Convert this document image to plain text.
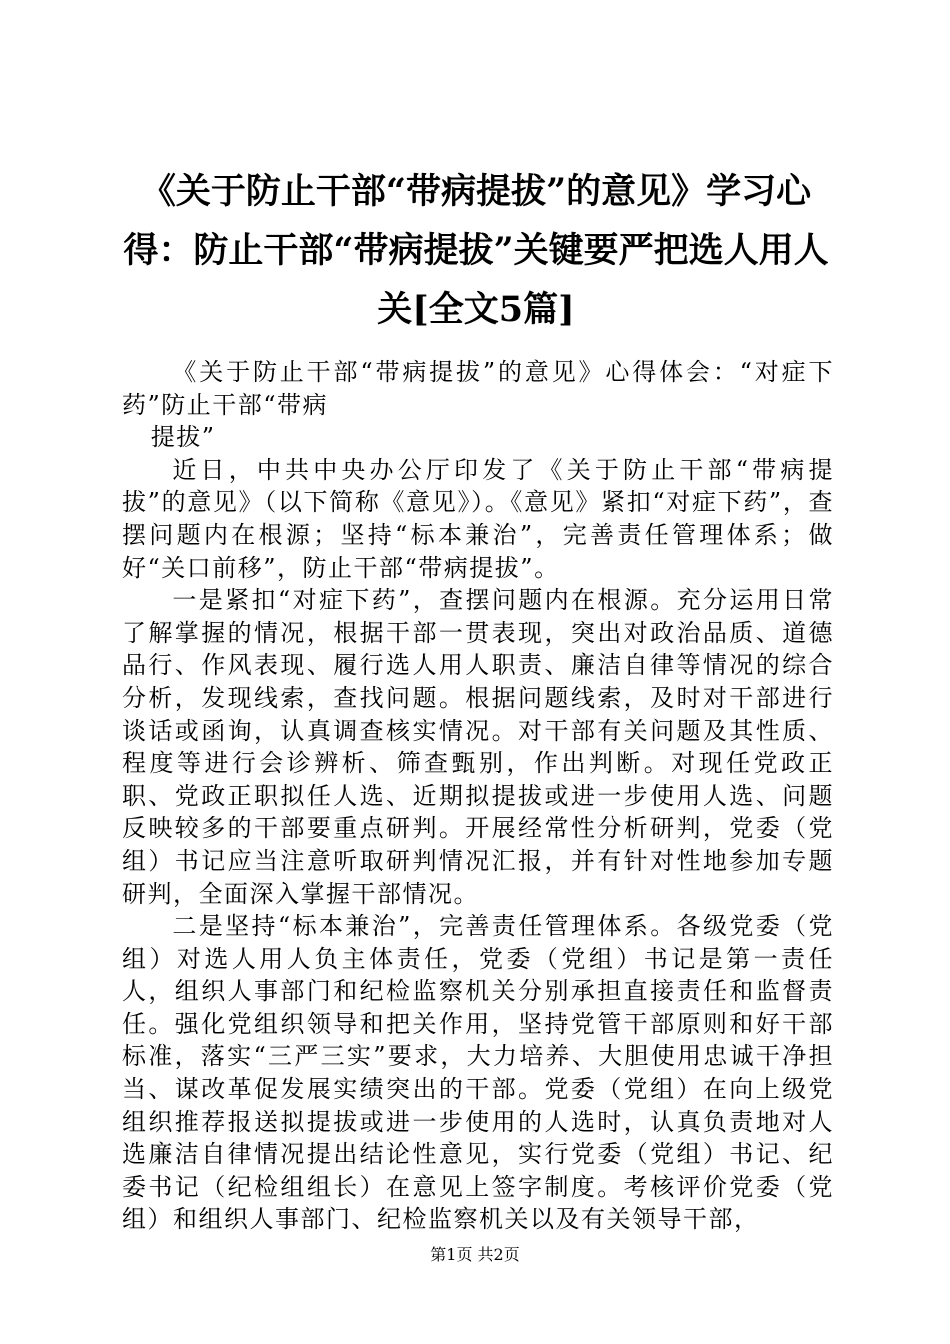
《关于防止干部“带病提拔”的意见》学习心得：防止干部“带病提拔”关键要严把选人用人关[全文5篇]

《关于防止干部“带病提拔”的意见》心得体会：“对症下药”防止干部“带病

提拔”

近日，中共中央办公厅印发了《关于防止干部“带病提拔”的意见》（以下简称《意见》）。《意见》紧扣“对症下药”，查摆问题内在根源；坚持“标本兼治”，完善责任管理体系；做好“关口前移”，防止干部“带病提拔”。

一是紧扣“对症下药”，查摆问题内在根源。充分运用日常了解掌握的情况，根据干部一贯表现，突出对政治品质、道德品行、作风表现、履行选人用人职责、廉洁自律等情况的综合分析，发现线索，查找问题。根据问题线索，及时对干部进行谈话或函询，认真调查核实情况。对干部有关问题及其性质、程度等进行会诊辨析、筛查甄别，作出判断。对现任党政正职、党政正职拟任人选、近期拟提拔或进一步使用人选、问题反映较多的干部要重点研判。开展经常性分析研判，党委（党组）书记应当注意听取研判情况汇报，并有针对性地参加专题研判，全面深入掌握干部情况。

二是坚持“标本兼治”，完善责任管理体系。各级党委（党组）对选人用人负主体责任，党委（党组）书记是第一责任人，组织人事部门和纪检监察机关分别承担直接责任和监督责任。强化党组织领导和把关作用，坚持党管干部原则和好干部标准，落实“三严三实”要求，大力培养、大胆使用忠诚干净担当、谋改革促发展实绩突出的干部。党委（党组）在向上级党组织推荐报送拟提拔或进一步使用的人选时，认真负责地对人选廉洁自律情况提出结论性意见，实行党委（党组）书记、纪委书记（纪检组组长）在意见上签字制度。考核评价党委（党组）和组织人事部门、纪检监察机关以及有关领导干部，

第1页 共2页
